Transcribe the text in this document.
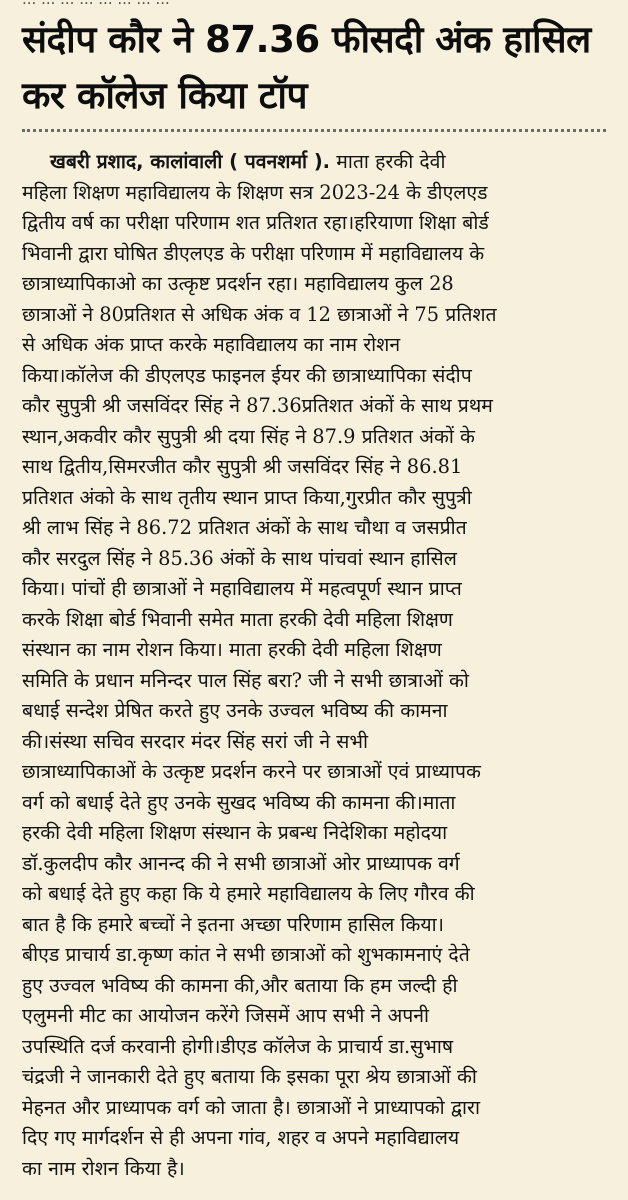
संदीप कौर ने 87.36 फीसदी अंक हासिल
कर कॉलेज किया टॉप
खबरी प्रशाद, कालांवाली ( पवनशर्मा ). माता हरकी देवी
महिला शिक्षण महाविद्यालय के शिक्षण सत्र 2023-24 के डीएलएड
द्वितीय वर्ष का परीक्षा परिणाम शत प्रतिशत रहा।हरियाणा शिक्षा बोर्ड
भिवानी द्वारा घोषित डीएलएड के परीक्षा परिणाम में महाविद्यालय के
छात्राध्यापिकाओ का उत्कृष्ट प्रदर्शन रहा। महाविद्यालय कुल 28
छात्राओं ने 80प्रतिशत से अधिक अंक व 12 छात्राओं ने 75 प्रतिशत
से अधिक अंक प्राप्त करके महाविद्यालय का नाम रोशन
किया।कॉलेज की डीएलएड फाइनल ईयर की छात्राध्यापिका संदीप
कौर सुपुत्री श्री जसविंदर सिंह ने 87.36प्रतिशत अंकों के साथ प्रथम
स्थान,अकवीर कौर सुपुत्री श्री दया सिंह ने 87.9 प्रतिशत अंकों के
साथ द्वितीय,सिमरजीत कौर सुपुत्री श्री जसविंदर सिंह ने 86.81
प्रतिशत अंको के साथ तृतीय स्थान प्राप्त किया,गुरप्रीत कौर सुपुत्री
श्री लाभ सिंह ने 86.72 प्रतिशत अंकों के साथ चौथा व जसप्रीत
कौर सरदुल सिंह ने 85.36 अंकों के साथ पांचवां स्थान हासिल
किया। पांचों ही छात्राओं ने महाविद्यालय में महत्वपूर्ण स्थान प्राप्त
करके शिक्षा बोर्ड भिवानी समेत माता हरकी देवी महिला शिक्षण
संस्थान का नाम रोशन किया। माता हरकी देवी महिला शिक्षण
समिति के प्रधान मनिन्दर पाल सिंह बरा? जी ने सभी छात्राओं को
बधाई सन्देश प्रेषित करते हुए उनके उज्वल भविष्य की कामना
की।संस्था सचिव सरदार मंदर सिंह सरां जी ने सभी
छात्राध्यापिकाओं के उत्कृष्ट प्रदर्शन करने पर छात्राओं एवं प्राध्यापक
वर्ग को बधाई देते हुए उनके सुखद भविष्य की कामना की।माता
हरकी देवी महिला शिक्षण संस्थान के प्रबन्ध निदेशिका महोदया
डॉ.कुलदीप कौर आनन्द की ने सभी छात्राओं ओर प्राध्यापक वर्ग
को बधाई देते हुए कहा कि ये हमारे महाविद्यालय के लिए गौरव की
बात है कि हमारे बच्चों ने इतना अच्छा परिणाम हासिल किया।
बीएड प्राचार्य डा.कृष्ण कांत ने सभी छात्राओं को शुभकामनाएं देते
हुए उज्वल भविष्य की कामना की,और बताया कि हम जल्दी ही
एलुमनी मीट का आयोजन करेंगे जिसमें आप सभी ने अपनी
उपस्थिति दर्ज करवानी होगी।डीएड कॉलेज के प्राचार्य डा.सुभाष
चंद्रजी ने जानकारी देते हुए बताया कि इसका पूरा श्रेय छात्राओं की
मेहनत और प्राध्यापक वर्ग को जाता है। छात्राओं ने प्राध्यापको द्वारा
दिए गए मार्गदर्शन से ही अपना गांव, शहर व अपने महाविद्यालय
का नाम रोशन किया है।
